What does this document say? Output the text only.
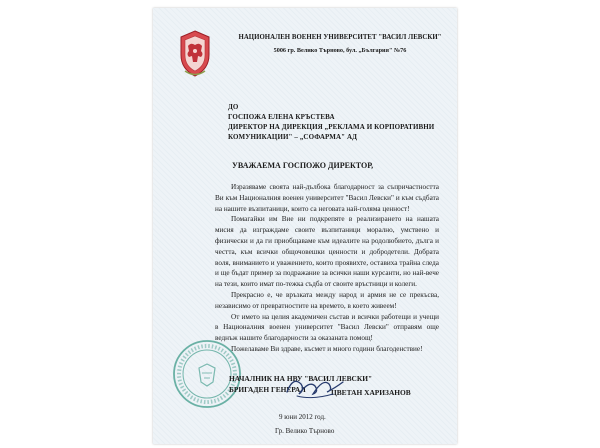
НАЦИОНАЛЕН ВОЕНЕН УНИВЕРСИТЕТ "ВАСИЛ ЛЕВСКИ"
5006 гр. Велико Търново, бул. „България" №76
ДО
ГОСПОЖА ЕЛЕНА КРЪСТЕВА
ДИРЕКТОР НА ДИРЕКЦИЯ „РЕКЛАМА И КОРПОРАТИВНИ
КОМУНИКАЦИИ" – „СОФАРМА" АД
УВАЖАЕМА ГОСПОЖО ДИРЕКТОР,

Изразяваме своята най-дълбока благодарност за съпричастността Ви към Националния военен университет "Васил Левски" и към съдбата на нашите възпитаници, които са неговата най-голяма ценност!

Помагайки им Вие ни подкрепяте в реализирането на нашата мисия да изграждаме своите възпитаници морално, умствено и физически и да ги приобщаваме към идеалите на родолюбието, дълга и честта, към всички общочовешки ценности и добродетели. Добрата воля, вниманието и уважението, които проявихте, оставиха трайна следа и ще бъдат пример за подражание за всички наши курсанти, но най-вече на тези, които имат по-тежка съдба от своите връстници и колеги.

Прекрасно е, че връзката между народ и армия не се прекъсва, независимо от превратностите на времето, в което живеем!

От името на целия академичен състав и всички работещи и учещи в Националния военен университет "Васил Левски" отправям още веднъж нашите благодарности за оказаната помощ!

Пожелаваме Ви здраве, късмет и много години благоденствие!

НАЧАЛНИК НА НВУ "ВАСИЛ ЛЕВСКИ"
БРИГАДЕН ГЕНЕРАЛ	ЦВЕТАН ХАРИЗАНОВ
9 юни 2012 год.
Гр. Велико Търново
